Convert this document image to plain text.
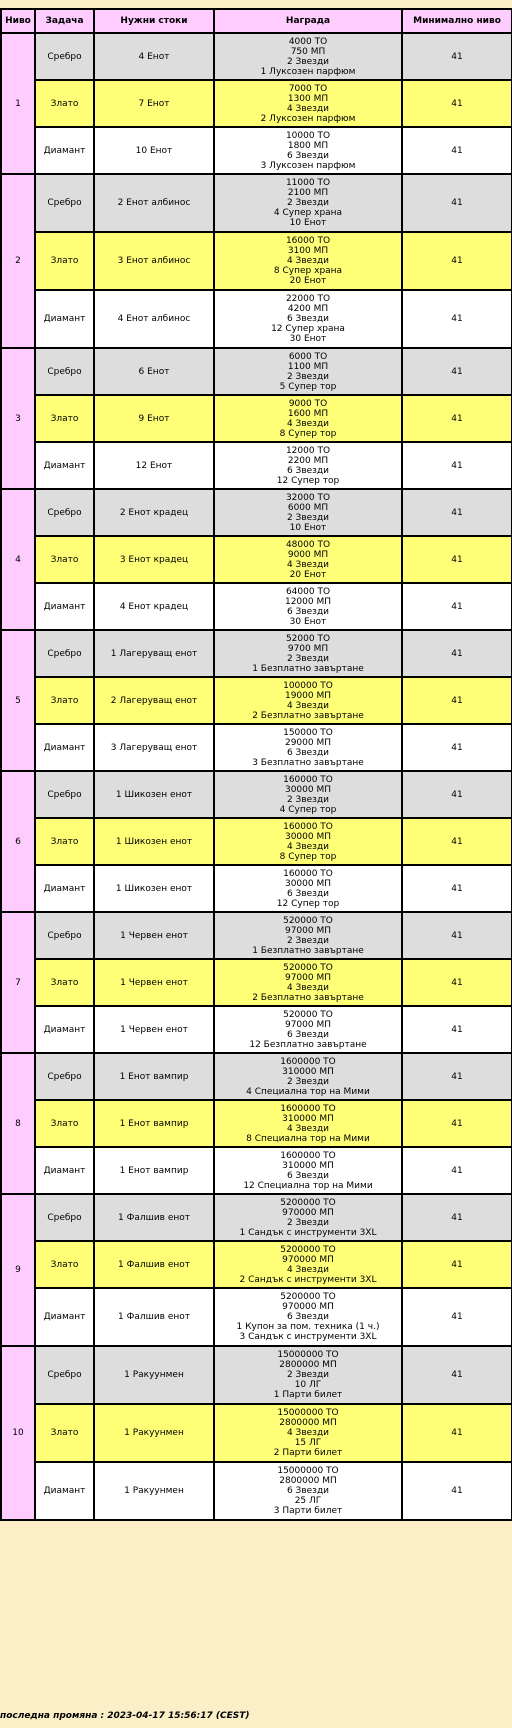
Ниво	Задача	Нужни стоки	Награда	Минимално ниво
1	Сребро	4 Енот	4000 ТО
750 МП
2 Звезди
1 Луксозен парфюм	41
	Злато	7 Енот	7000 ТО
1300 МП
4 Звезди
2 Луксозен парфюм	41
	Диамант	10 Енот	10000 ТО
1800 МП
6 Звезди
3 Луксозен парфюм	41
2	Сребро	2 Енот албинос	11000 ТО
2100 МП
2 Звезди
4 Супер храна
10 Енот	41
	Злато	3 Енот албинос	16000 ТО
3100 МП
4 Звезди
8 Супер храна
20 Енот	41
	Диамант	4 Енот албинос	22000 ТО
4200 МП
6 Звезди
12 Супер храна
30 Енот	41
3	Сребро	6 Енот	6000 ТО
1100 МП
2 Звезди
5 Супер тор	41
	Злато	9 Енот	9000 ТО
1600 МП
4 Звезди
8 Супер тор	41
	Диамант	12 Енот	12000 ТО
2200 МП
6 Звезди
12 Супер тор	41
4	Сребро	2 Енот крадец	32000 ТО
6000 МП
2 Звезди
10 Енот	41
	Злато	3 Енот крадец	48000 ТО
9000 МП
4 Звезди
20 Енот	41
	Диамант	4 Енот крадец	64000 ТО
12000 МП
6 Звезди
30 Енот	41
5	Сребро	1 Лагеруващ енот	52000 ТО
9700 МП
2 Звезди
1 Безплатно завъртане	41
	Злато	2 Лагеруващ енот	100000 ТО
19000 МП
4 Звезди
2 Безплатно завъртане	41
	Диамант	3 Лагеруващ енот	150000 ТО
29000 МП
6 Звезди
3 Безплатно завъртане	41
6	Сребро	1 Шикозен енот	160000 ТО
30000 МП
2 Звезди
4 Супер тор	41
	Злато	1 Шикозен енот	160000 ТО
30000 МП
4 Звезди
8 Супер тор	41
	Диамант	1 Шикозен енот	160000 ТО
30000 МП
6 Звезди
12 Супер тор	41
7	Сребро	1 Червен енот	520000 ТО
97000 МП
2 Звезди
1 Безплатно завъртане	41
	Злато	1 Червен енот	520000 ТО
97000 МП
4 Звезди
2 Безплатно завъртане	41
	Диамант	1 Червен енот	520000 ТО
97000 МП
6 Звезди
12 Безплатно завъртане	41
8	Сребро	1 Енот вампир	1600000 ТО
310000 МП
2 Звезди
4 Специална тор на Мими	41
	Злато	1 Енот вампир	1600000 ТО
310000 МП
4 Звезди
8 Специална тор на Мими	41
	Диамант	1 Енот вампир	1600000 ТО
310000 МП
6 Звезди
12 Специална тор на Мими	41
9	Сребро	1 Фалшив енот	5200000 ТО
970000 МП
2 Звезди
1 Сандък с инструменти 3XL	41
	Злато	1 Фалшив енот	5200000 ТО
970000 МП
4 Звезди
2 Сандък с инструменти 3XL	41
	Диамант	1 Фалшив енот	5200000 ТО
970000 МП
6 Звезди
1 Купон за пом. техника (1 ч.)
3 Сандък с инструменти 3XL	41
10	Сребро	1 Ракуунмен	15000000 ТО
2800000 МП
2 Звезди
10 ЛГ
1 Парти билет	41
	Злато	1 Ракуунмен	15000000 ТО
2800000 МП
4 Звезди
15 ЛГ
2 Парти билет	41
	Диамант	1 Ракуунмен	15000000 ТО
2800000 МП
6 Звезди
25 ЛГ
3 Парти билет	41
последна промяна : 2023-04-17 15:56:17 (CEST)
